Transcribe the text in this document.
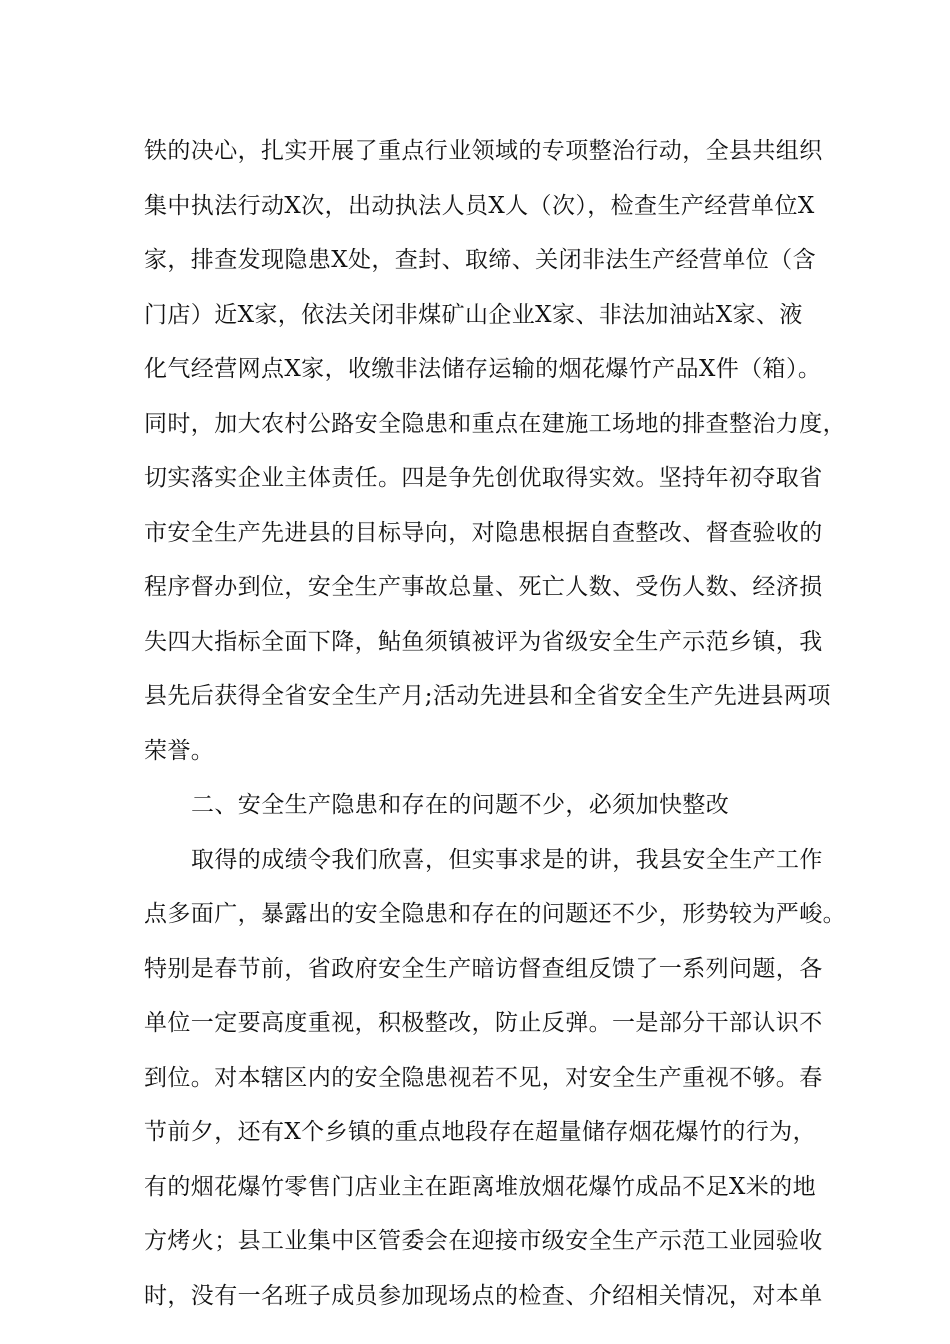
铁的决心，扎实开展了重点行业领域的专项整治行动，全县共组织
集中执法行动X次，出动执法人员X人（次），检查生产经营单位X
家，排查发现隐患X处，查封、取缔、关闭非法生产经营单位（含
门店）近X家，依法关闭非煤矿山企业X家、非法加油站X家、液
化气经营网点X家，收缴非法储存运输的烟花爆竹产品X件（箱）。
同时，加大农村公路安全隐患和重点在建施工场地的排查整治力度，
切实落实企业主体责任。四是争先创优取得实效。坚持年初夺取省
市安全生产先进县的目标导向，对隐患根据自查整改、督查验收的
程序督办到位，安全生产事故总量、死亡人数、受伤人数、经济损
失四大指标全面下降，鲇鱼须镇被评为省级安全生产示范乡镇，我
县先后获得全省安全生产月;活动先进县和全省安全生产先进县两项
荣誉。
二、安全生产隐患和存在的问题不少，必须加快整改
取得的成绩令我们欣喜，但实事求是的讲，我县安全生产工作
点多面广，暴露出的安全隐患和存在的问题还不少，形势较为严峻。
特别是春节前，省政府安全生产暗访督查组反馈了一系列问题，各
单位一定要高度重视，积极整改，防止反弹。一是部分干部认识不
到位。对本辖区内的安全隐患视若不见，对安全生产重视不够。春
节前夕，还有X个乡镇的重点地段存在超量储存烟花爆竹的行为，
有的烟花爆竹零售门店业主在距离堆放烟花爆竹成品不足X米的地
方烤火；县工业集中区管委会在迎接市级安全生产示范工业园验收
时，没有一名班子成员参加现场点的检查、介绍相关情况，对本单
